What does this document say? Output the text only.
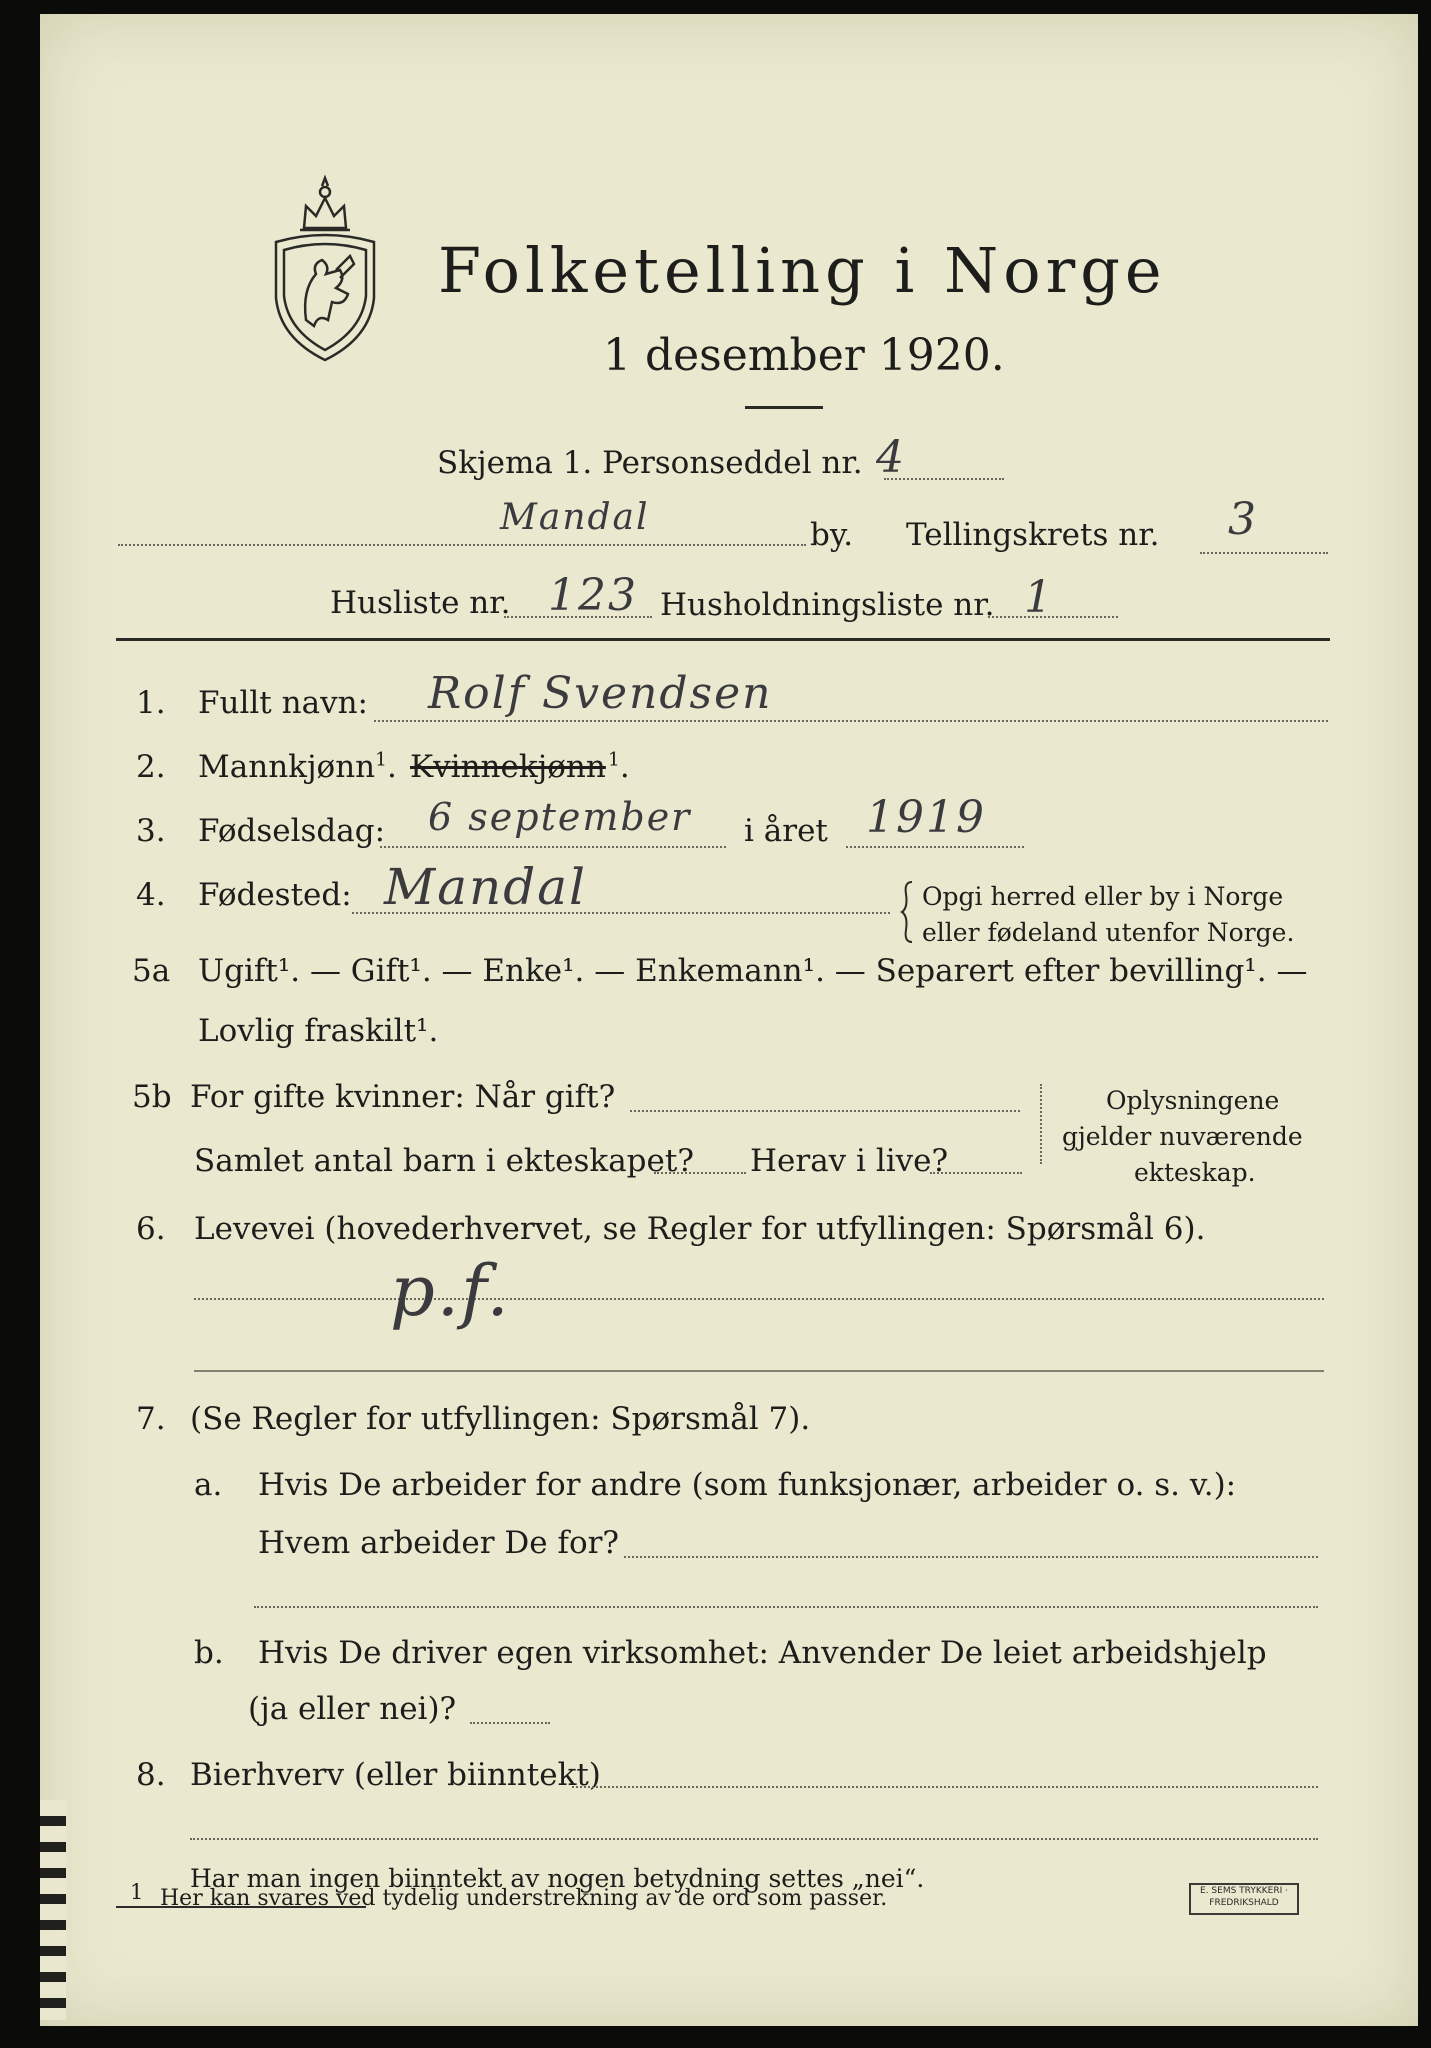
Folketelling i Norge
1 desember 1920.
Skjema 1. Personseddel nr. 4
Mandal	by. Tellingskrets nr. 3
Husliste nr. 123 Husholdningsliste nr. 1
1. Fullt navn: Rolf Svendsen
2. Mannkjønn$^1$. Kvinnekjønn $^1$.
3. Fødselsdag: 6 september i året 1919
4. Fødested: Mandal	Opgi herred eller by i Norge
eller fødeland utenfor Norge.
5a Ugift¹. — Gift¹. — Enke¹. — Enkemann¹. — Separert efter bevilling¹. —
Lovlig fraskilt¹.
5b For gifte kvinner: Når gift?
Samlet antal barn i ekteskapet? Herav i live?
Oplysningene
gjelder nuværende
ekteskap.
6. Levevei (hovederhvervet, se Regler for utfyllingen: Spørsmål 6).
p.f.
7. (Se Regler for utfyllingen: Spørsmål 7).
a. Hvis De arbeider for andre (som funksjonær, arbeider o. s. v.):
Hvem arbeider De for?
b. Hvis De driver egen virksomhet: Anvender De leiet arbeidshjelp
(ja eller nei)?
8. Bierhverv (eller biinntekt)
Har man ingen biinntekt av nogen betydning settes „nei“.
1 Her kan svares ved tydelig understrekning av de ord som passer.	E. SEMS TRYKKERI · FREDRIKSHALD
